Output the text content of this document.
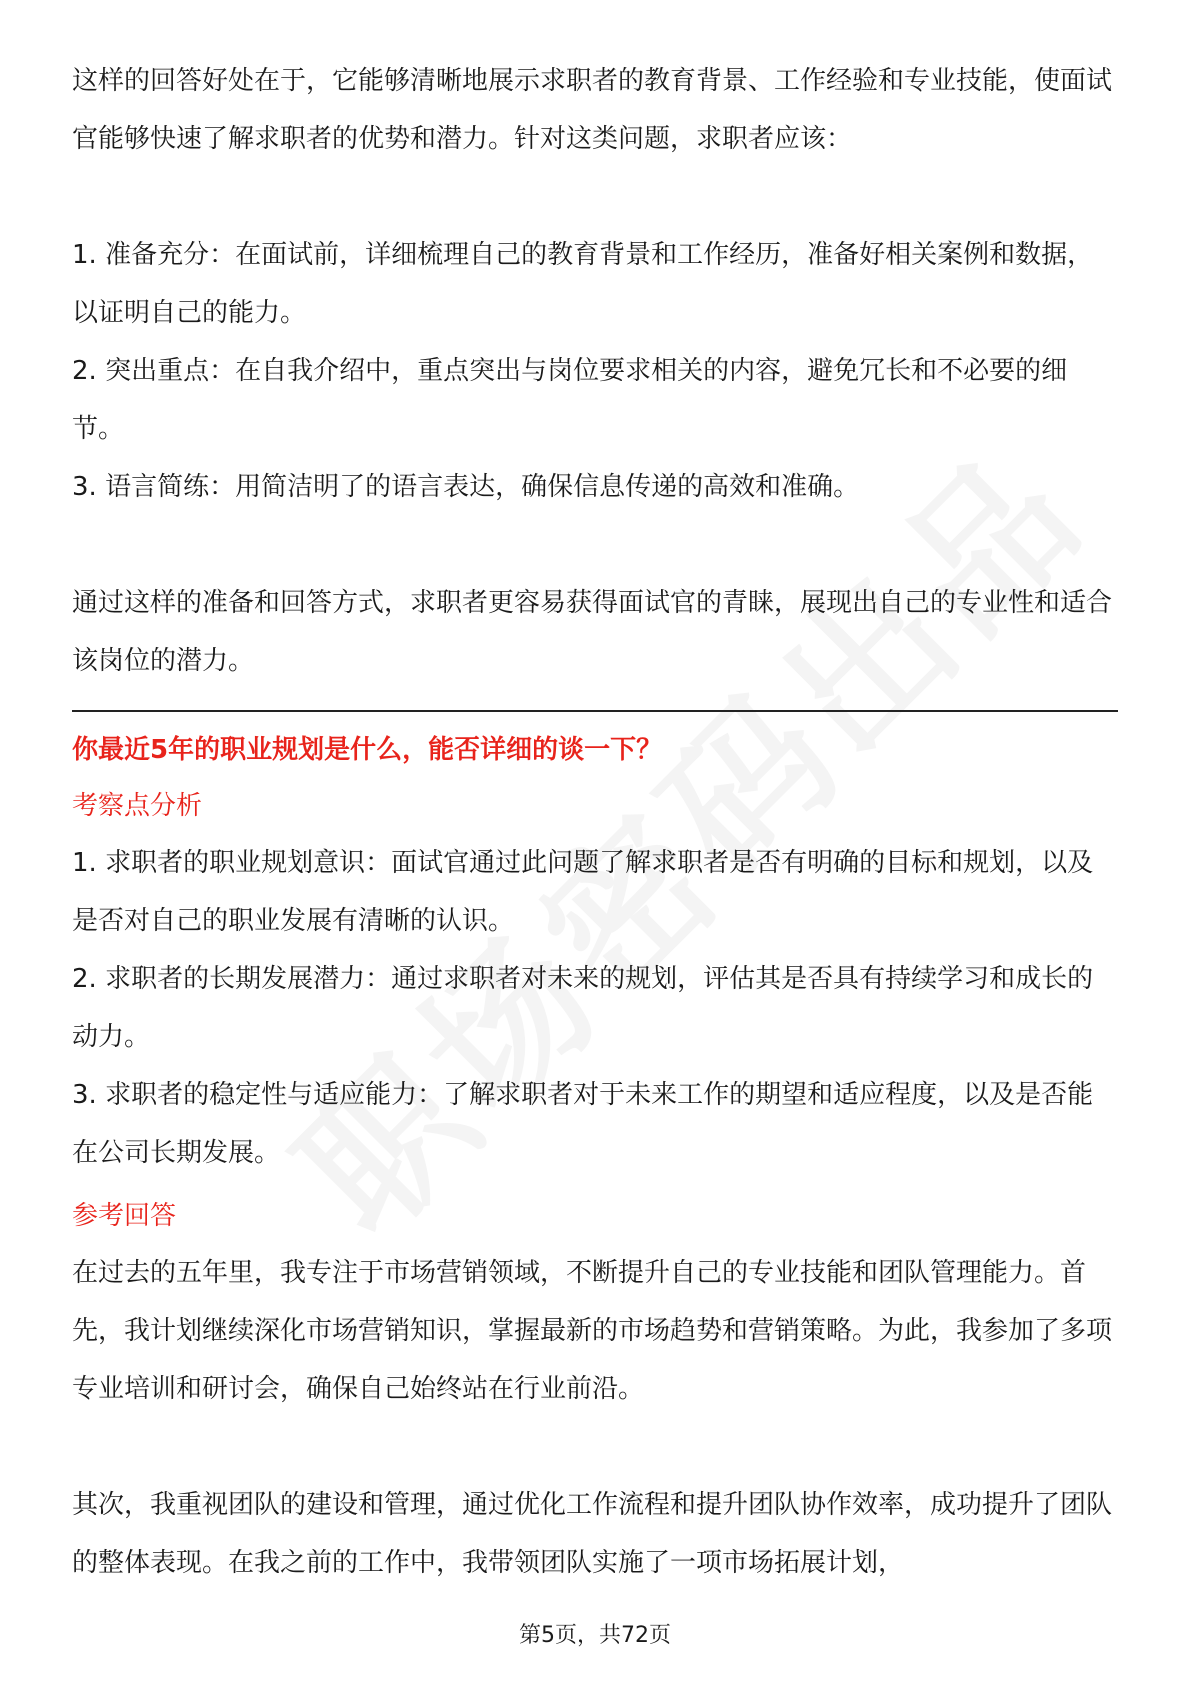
这样的回答好处在于，它能够清晰地展示求职者的教育背景、工作经验和专业技能，使面试官能够快速了解求职者的优势和潜力。针对这类问题，求职者应该：

1. 准备充分：在面试前，详细梳理自己的教育背景和工作经历，准备好相关案例和数据，以证明自己的能力。

2. 突出重点：在自我介绍中，重点突出与岗位要求相关的内容，避免冗长和不必要的细节。

3. 语言简练：用简洁明了的语言表达，确保信息传递的高效和准确。

通过这样的准备和回答方式，求职者更容易获得面试官的青睐，展现出自己的专业性和适合该岗位的潜力。

你最近5年的职业规划是什么，能否详细的谈一下？

考察点分析

1. 求职者的职业规划意识：面试官通过此问题了解求职者是否有明确的目标和规划，以及是否对自己的职业发展有清晰的认识。

2. 求职者的长期发展潜力：通过求职者对未来的规划，评估其是否具有持续学习和成长的动力。

3. 求职者的稳定性与适应能力：了解求职者对于未来工作的期望和适应程度，以及是否能在公司长期发展。

参考回答

在过去的五年里，我专注于市场营销领域，不断提升自己的专业技能和团队管理能力。首先，我计划继续深化市场营销知识，掌握最新的市场趋势和营销策略。为此，我参加了多项专业培训和研讨会，确保自己始终站在行业前沿。

其次，我重视团队的建设和管理，通过优化工作流程和提升团队协作效率，成功提升了团队的整体表现。在我之前的工作中，我带领团队实施了一项市场拓展计划，

第5页，共72页
